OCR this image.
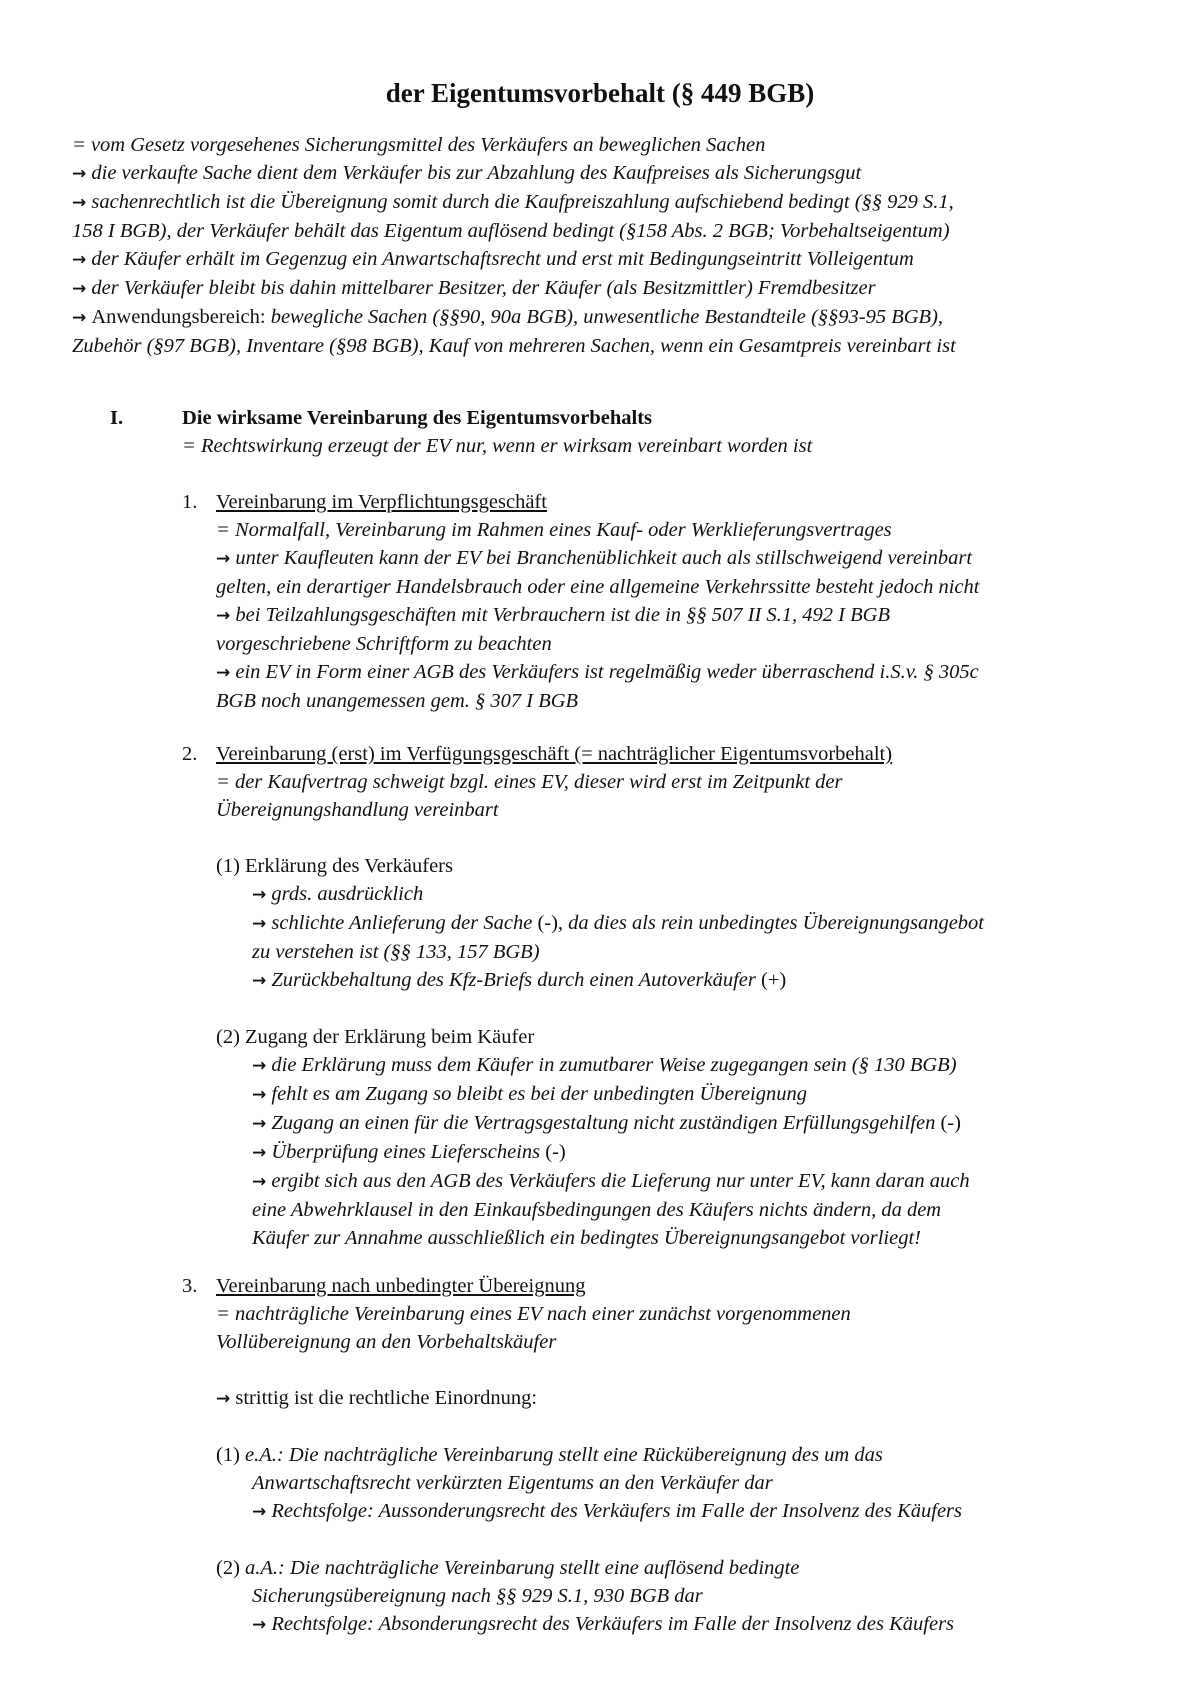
der Eigentumsvorbehalt (§ 449 BGB)
= vom Gesetz vorgesehenes Sicherungsmittel des Verkäufers an beweglichen Sachen
→ die verkaufte Sache dient dem Verkäufer bis zur Abzahlung des Kaufpreises als Sicherungsgut
→ sachenrechtlich ist die Übereignung somit durch die Kaufpreiszahlung aufschiebend bedingt (§§ 929 S.1,
158 I BGB), der Verkäufer behält das Eigentum auflösend bedingt (§158 Abs. 2 BGB; Vorbehaltseigentum)
→ der Käufer erhält im Gegenzug ein Anwartschaftsrecht und erst mit Bedingungseintritt Volleigentum
→ der Verkäufer bleibt bis dahin mittelbarer Besitzer, der Käufer (als Besitzmittler) Fremdbesitzer
→ Anwendungsbereich: bewegliche Sachen (§§90, 90a BGB), unwesentliche Bestandteile (§§93-95 BGB),
Zubehör (§97 BGB), Inventare (§98 BGB), Kauf von mehreren Sachen, wenn ein Gesamtpreis vereinbart ist
I.	Die wirksame Vereinbarung des Eigentumsvorbehalts
= Rechtswirkung erzeugt der EV nur, wenn er wirksam vereinbart worden ist
1. Vereinbarung im Verpflichtungsgeschäft
= Normalfall, Vereinbarung im Rahmen eines Kauf- oder Werklieferungsvertrages
→ unter Kaufleuten kann der EV bei Branchenüblichkeit auch als stillschweigend vereinbart
gelten, ein derartiger Handelsbrauch oder eine allgemeine Verkehrssitte besteht jedoch nicht
→ bei Teilzahlungsgeschäften mit Verbrauchern ist die in §§ 507 II S.1, 492 I BGB
vorgeschriebene Schriftform zu beachten
→ ein EV in Form einer AGB des Verkäufers ist regelmäßig weder überraschend i.S.v. § 305c
BGB noch unangemessen gem. § 307 I BGB
2. Vereinbarung (erst) im Verfügungsgeschäft (= nachträglicher Eigentumsvorbehalt)
= der Kaufvertrag schweigt bzgl. eines EV, dieser wird erst im Zeitpunkt der
Übereignungshandlung vereinbart
(1) Erklärung des Verkäufers
→ grds. ausdrücklich
→ schlichte Anlieferung der Sache (-), da dies als rein unbedingtes Übereignungsangebot
zu verstehen ist (§§ 133, 157 BGB)
→ Zurückbehaltung des Kfz-Briefs durch einen Autoverkäufer (+)
(2) Zugang der Erklärung beim Käufer
→ die Erklärung muss dem Käufer in zumutbarer Weise zugegangen sein (§ 130 BGB)
→ fehlt es am Zugang so bleibt es bei der unbedingten Übereignung
→ Zugang an einen für die Vertragsgestaltung nicht zuständigen Erfüllungsgehilfen (-)
→ Überprüfung eines Lieferscheins (-)
→ ergibt sich aus den AGB des Verkäufers die Lieferung nur unter EV, kann daran auch
eine Abwehrklausel in den Einkaufsbedingungen des Käufers nichts ändern, da dem
Käufer zur Annahme ausschließlich ein bedingtes Übereignungsangebot vorliegt!
3. Vereinbarung nach unbedingter Übereignung
= nachträgliche Vereinbarung eines EV nach einer zunächst vorgenommenen
Vollübereignung an den Vorbehaltskäufer
→ strittig ist die rechtliche Einordnung:
(1) e.A.: Die nachträgliche Vereinbarung stellt eine Rückübereignung des um das
Anwartschaftsrecht verkürzten Eigentums an den Verkäufer dar
→ Rechtsfolge: Aussonderungsrecht des Verkäufers im Falle der Insolvenz des Käufers
(2) a.A.: Die nachträgliche Vereinbarung stellt eine auflösend bedingte
Sicherungsübereignung nach §§ 929 S.1, 930 BGB dar
→ Rechtsfolge: Absonderungsrecht des Verkäufers im Falle der Insolvenz des Käufers
